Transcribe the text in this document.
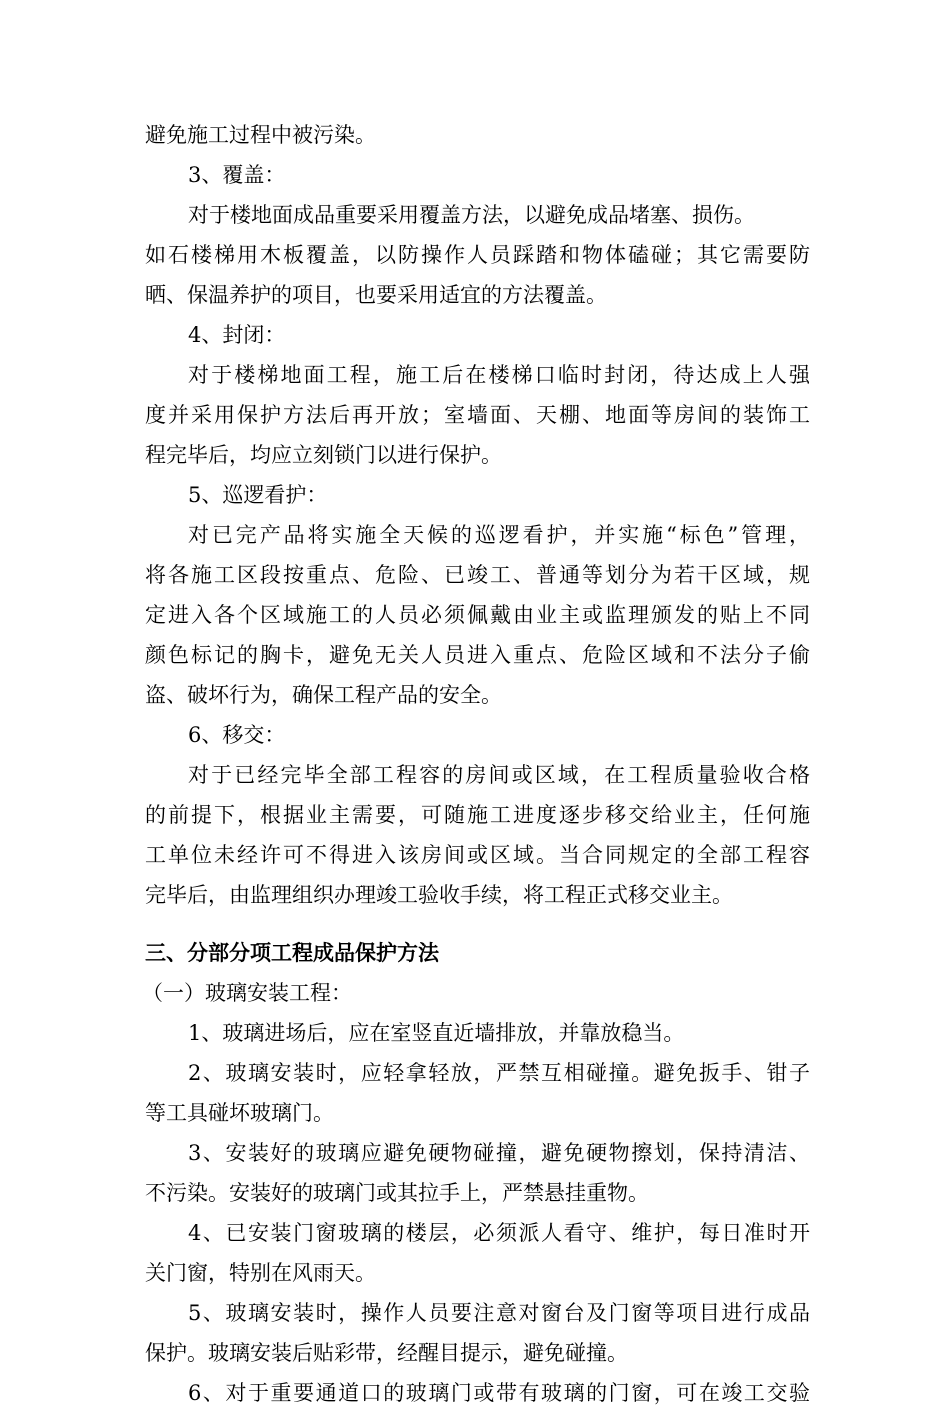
避免施工过程中被污染。
3、覆盖：
对于楼地面成品重要采用覆盖方法，以避免成品堵塞、损伤。
如石楼梯用木板覆盖，以防操作人员踩踏和物体磕碰；其它需要防
晒、保温养护的项目，也要采用适宜的方法覆盖。
4、封闭：
对于楼梯地面工程，施工后在楼梯口临时封闭，待达成上人强
度并采用保护方法后再开放；室墙面、天棚、地面等房间的装饰工
程完毕后，均应立刻锁门以进行保护。
5、巡逻看护：
对已完产品将实施全天候的巡逻看护，并实施“标色”管理，
将各施工区段按重点、危险、已竣工、普通等划分为若干区域，规
定进入各个区域施工的人员必须佩戴由业主或监理颁发的贴上不同
颜色标记的胸卡，避免无关人员进入重点、危险区域和不法分子偷
盗、破坏行为，确保工程产品的安全。
6、移交：
对于已经完毕全部工程容的房间或区域，在工程质量验收合格
的前提下，根据业主需要，可随施工进度逐步移交给业主，任何施
工单位未经许可不得进入该房间或区域。当合同规定的全部工程容
完毕后，由监理组织办理竣工验收手续，将工程正式移交业主。
三、分部分项工程成品保护方法
（一）玻璃安装工程：
1、玻璃进场后，应在室竖直近墙排放，并靠放稳当。
2、玻璃安装时，应轻拿轻放，严禁互相碰撞。避免扳手、钳子
等工具碰坏玻璃门。
3、安装好的玻璃应避免硬物碰撞，避免硬物擦划，保持清洁、
不污染。安装好的玻璃门或其拉手上，严禁悬挂重物。
4、已安装门窗玻璃的楼层，必须派人看守、维护，每日准时开
关门窗，特别在风雨天。
5、玻璃安装时，操作人员要注意对窗台及门窗等项目进行成品
保护。玻璃安装后贴彩带，经醒目提示，避免碰撞。
6、对于重要通道口的玻璃门或带有玻璃的门窗，可在竣工交验
